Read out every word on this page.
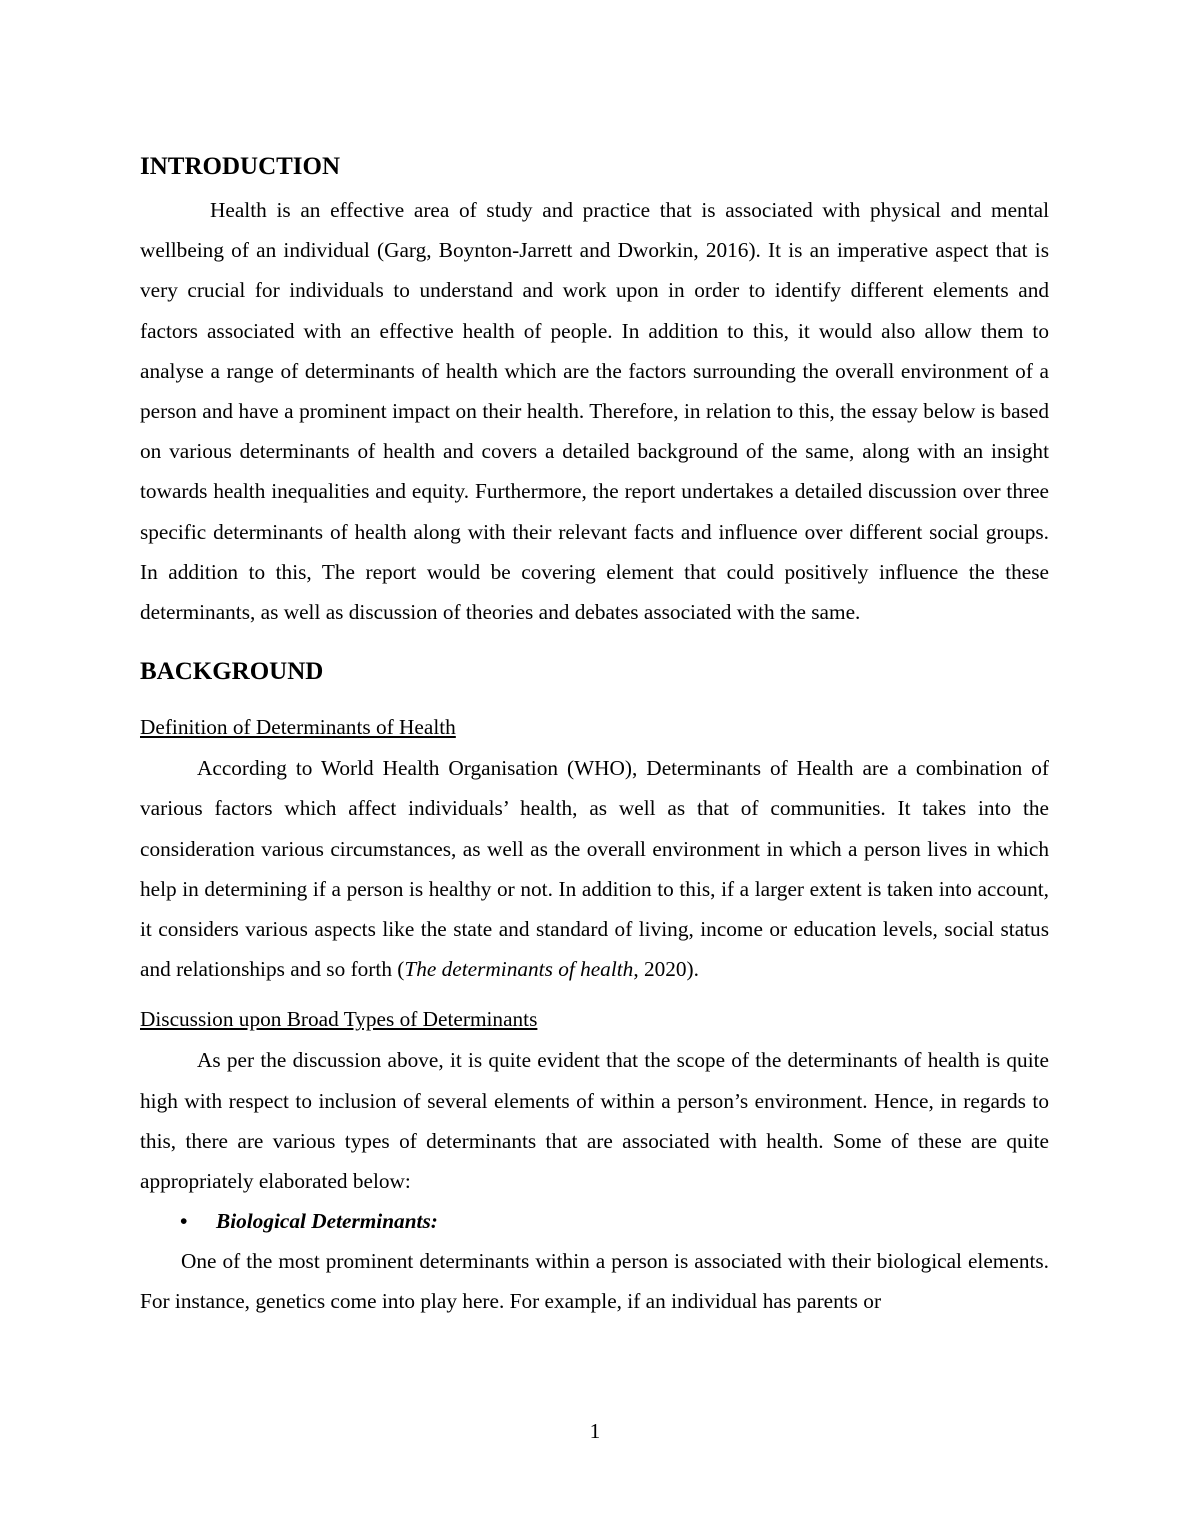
INTRODUCTION

Health is an effective area of study and practice that is associated with physical and mental wellbeing of an individual (Garg, Boynton-Jarrett and Dworkin, 2016). It is an imperative aspect that is very crucial for individuals to understand and work upon in order to identify different elements and factors associated with an effective health of people. In addition to this, it would also allow them to analyse a range of determinants of health which are the factors surrounding the overall environment of a person and have a prominent impact on their health. Therefore, in relation to this, the essay below is based on various determinants of health and covers a detailed background of the same, along with an insight towards health inequalities and equity. Furthermore, the report undertakes a detailed discussion over three specific determinants of health along with their relevant facts and influence over different social groups. In addition to this, The report would be covering element that could positively influence the these determinants, as well as discussion of theories and debates associated with the same.

BACKGROUND
Definition of Determinants of Health

According to World Health Organisation (WHO), Determinants of Health are a combination of various factors which affect individuals’ health, as well as that of communities. It takes into the consideration various circumstances, as well as the overall environment in which a person lives in which help in determining if a person is healthy or not. In addition to this, if a larger extent is taken into account, it considers various aspects like the state and standard of living, income or education levels, social status and relationships and so forth (The determinants of health, 2020).

Discussion upon Broad Types of Determinants

As per the discussion above, it is quite evident that the scope of the determinants of health is quite high with respect to inclusion of several elements of within a person’s environment. Hence, in regards to this, there are various types of determinants that are associated with health. Some of these are quite appropriately elaborated below:

• Biological Determinants:

One of the most prominent determinants within a person is associated with their biological elements. For instance, genetics come into play here. For example, if an individual has parents or

1
